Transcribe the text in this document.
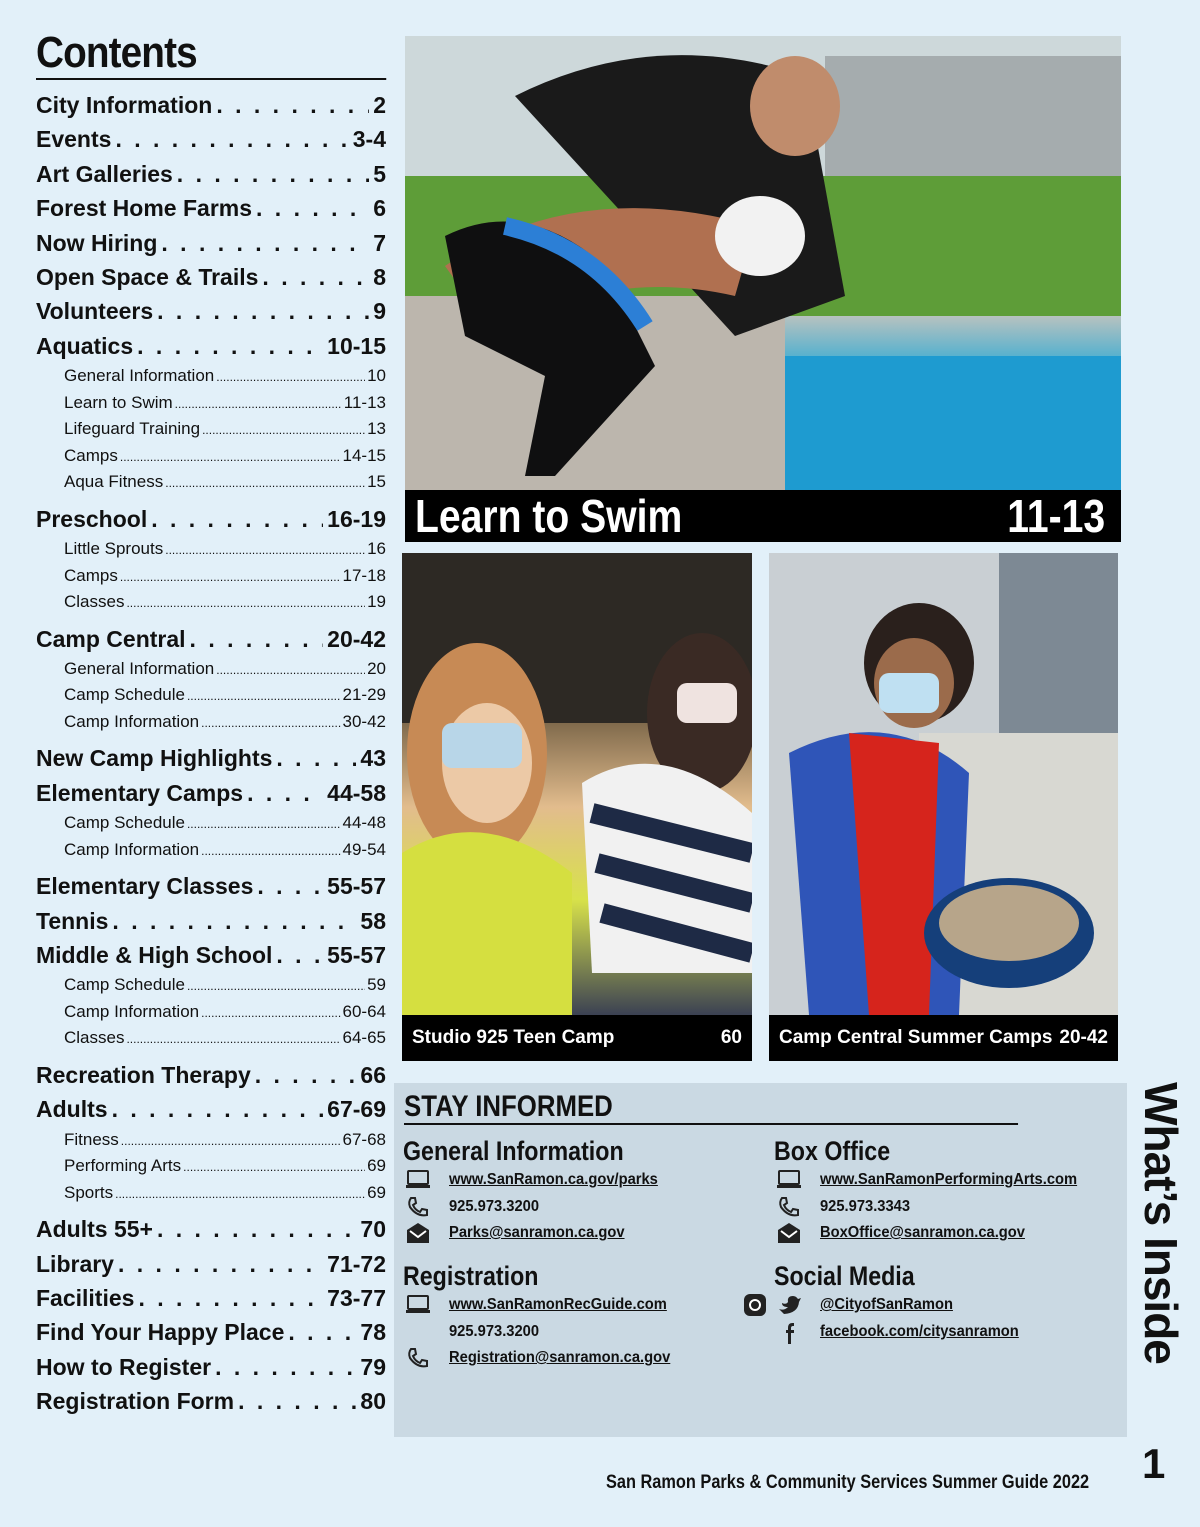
Contents
City Information . . .	2
Events . . .	3-4
Art Galleries . . .	5
Forest Home Farms . . .	6
Now Hiring . . .	7
Open Space & Trails . . .	8
Volunteers . . .	9
Aquatics . . .	10-15
General Information .....	10
Learn to Swim .....	11-13
Lifeguard Training .....	13
Camps .....	14-15
Aqua Fitness .....	15
Preschool . . .	16-19
Little Sprouts .....	16
Camps .....	17-18
Classes .....	19
Camp Central . . .	20-42
General Information .....	20
Camp Schedule .....	21-29
Camp Information .....	30-42
New Camp Highlights . . .	43
Elementary Camps . . .	44-58
Camp Schedule .....	44-48
Camp Information .....	49-54
Elementary Classes . . .	55-57
Tennis . . .	58
Middle & High School . . . 55-57
Camp Schedule .....	59
Camp Information .....	60-64
Classes .....	64-65
Recreation Therapy . . .	66
Adults . . .	67-69
Fitness .....	67-68
Performing Arts .....	69
Sports .....	69
Adults 55+ . . .	70
Library . . .	71-72
Facilities . . .	73-77
Find Your Happy Place . . .	78
How to Register . . .	79
Registration Form . . .	80
Learn to Swim	11-13
Studio 925 Teen Camp	60 Camp Central Summer Camps 20-42
STAY INFORMED
General Information
www.SanRamon.ca.gov/parks
925.973.3200
Parks@sanramon.ca.gov
Box Office
www.SanRamonPerformingArts.com
925.973.3343
BoxOffice@sanramon.ca.gov
Registration
www.SanRamonRecGuide.com
925.973.3200
Registration@sanramon.ca.gov
Social Media
@CityofSanRamon
facebook.com/citysanramon	What’s Inside
1
San Ramon Parks & Community Services Summer Guide 2022
